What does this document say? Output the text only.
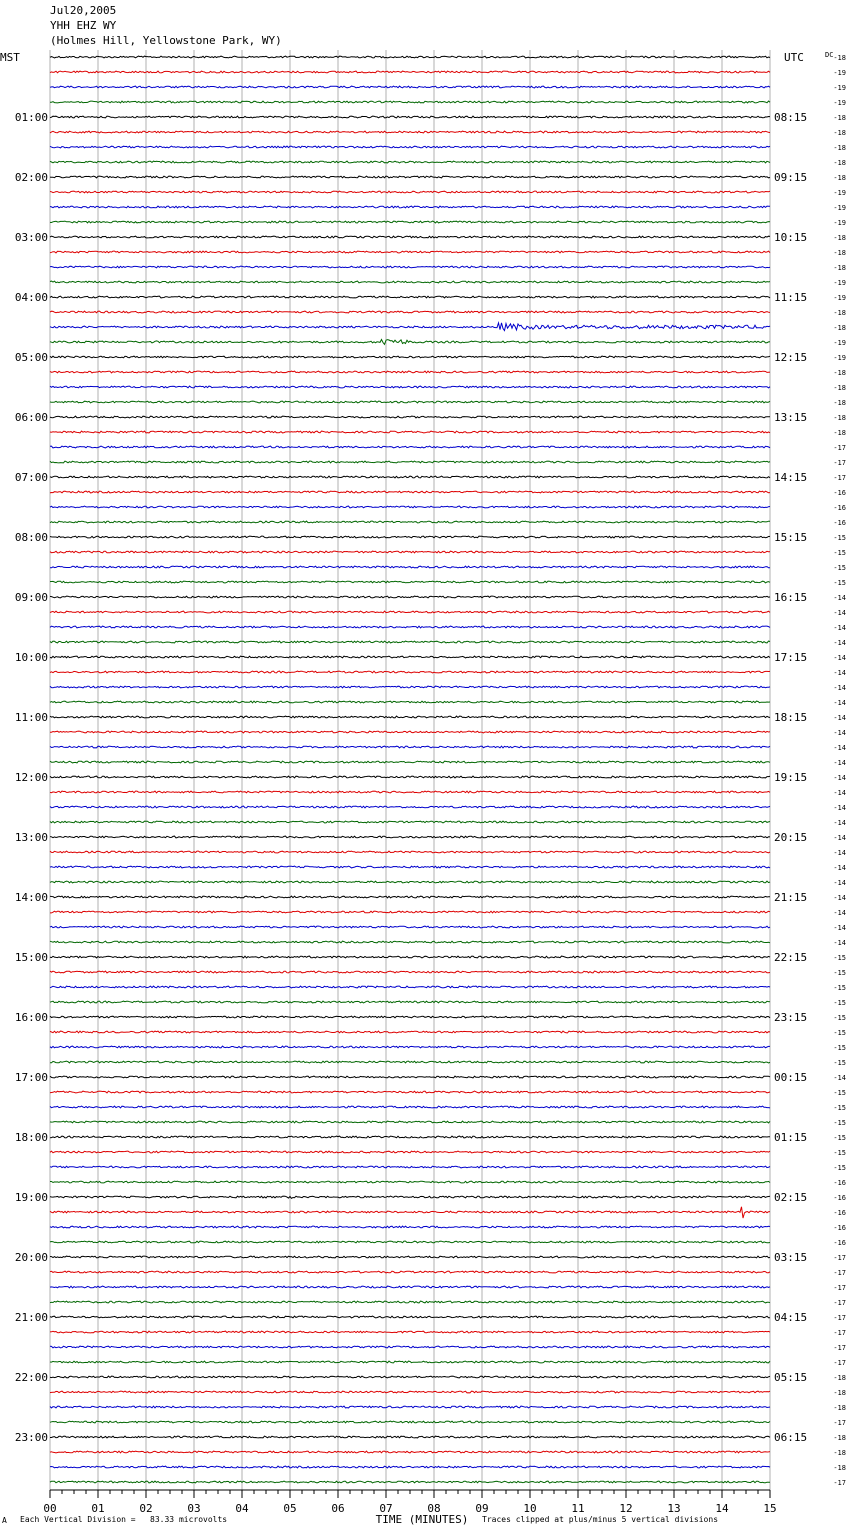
Jul20,2005
YHH EHZ WY
(Holmes Hill, Yellowstone Park, WY)
MST	UTC	DC
01:00
02:00
03:00
04:00
05:00
06:00
07:00
08:00
09:00
10:00
11:00
12:00
13:00
14:00
15:00
16:00
17:00
18:00
19:00
20:00
21:00
22:00
23:00
08:15
09:15
10:15
11:15
12:15
13:15
14:15
15:15
16:15
17:15
18:15
19:15
20:15
21:15
22:15
23:15
00:15
01:15
02:15
03:15
04:15
05:15
06:15
-18
-19
-19
-19
-18
-18
-18
-18
-18
-19
-19
-19
-18
-18
-18
-19
-19
-18
-18
-19
-19
-18
-18
-18
-18
-18
-17
-17
-17
-16
-16
-16
-15
-15
-15
-15
-14
-14
-14
-14
-14
-14
-14
-14
-14
-14
-14
-14
-14
-14
-14
-14
-14
-14
-14
-14
-14
-14
-14
-14
-15
-15
-15
-15
-15
-15
-15
-15
-14
-15
-15
-15
-15
-15
-15
-16
-16
-16
-16
-16
-17
-17
-17
-17
-17
-17
-17
-17
-18
-18
-18
-17
-18
-18
-18
-17
00	01	02	03	04	05	06	07	08	09	10	11	12	13	14	15
TIME (MINUTES)
A Each Vertical Division =   83.33 microvolts	Traces clipped at plus/minus 5 vertical divisions
